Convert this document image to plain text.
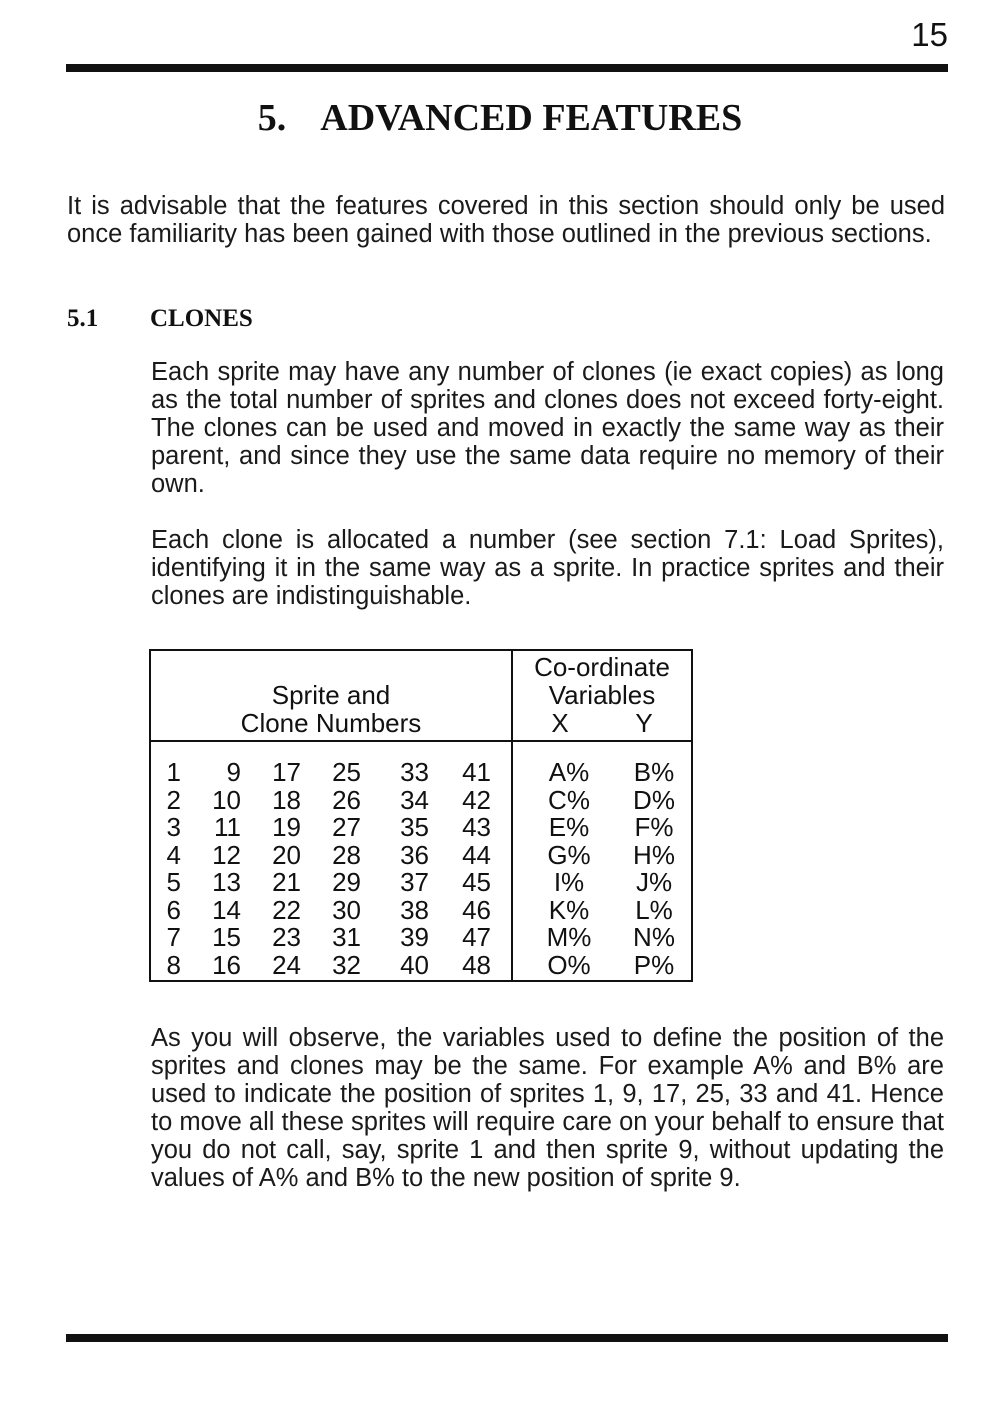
15
5. ADVANCED FEATURES
It is advisable that the features covered in this section should only be used once familiarity has been gained with those outlined in the previous sections.
5.1 CLONES
Each sprite may have any number of clones (ie exact copies) as long as the total number of sprites and clones does not exceed forty-eight. The clones can be used and moved in exactly the same way as their parent, and since they use the same data require no memory of their own.
Each clone is allocated a number (see section 7.1: Load Sprites), identifying it in the same way as a sprite. In practice sprites and their clones are indistinguishable.
Sprite and
Clone Numbers
Co-ordinate
Variables
X	Y
1 9 17 25 33 41	A%	B%
2 10 18 26 34 42	C%	D%
3 11 19 27 35 43	E%	F%
4 12 20 28 36 44	G%	H%
5 13 21 29 37 45	I%	J%
6 14 22 30 38 46	K%	L%
7 15 23 31 39 47	M%	N%
8 16 24 32 40 48	O%	P%
As you will observe, the variables used to define the position of the sprites and clones may be the same. For example A% and B% are used to indicate the position of sprites 1, 9, 17, 25, 33 and 41. Hence to move all these sprites will require care on your behalf to ensure that you do not call, say, sprite 1 and then sprite 9, without updating the values of A% and B% to the new position of sprite 9.
